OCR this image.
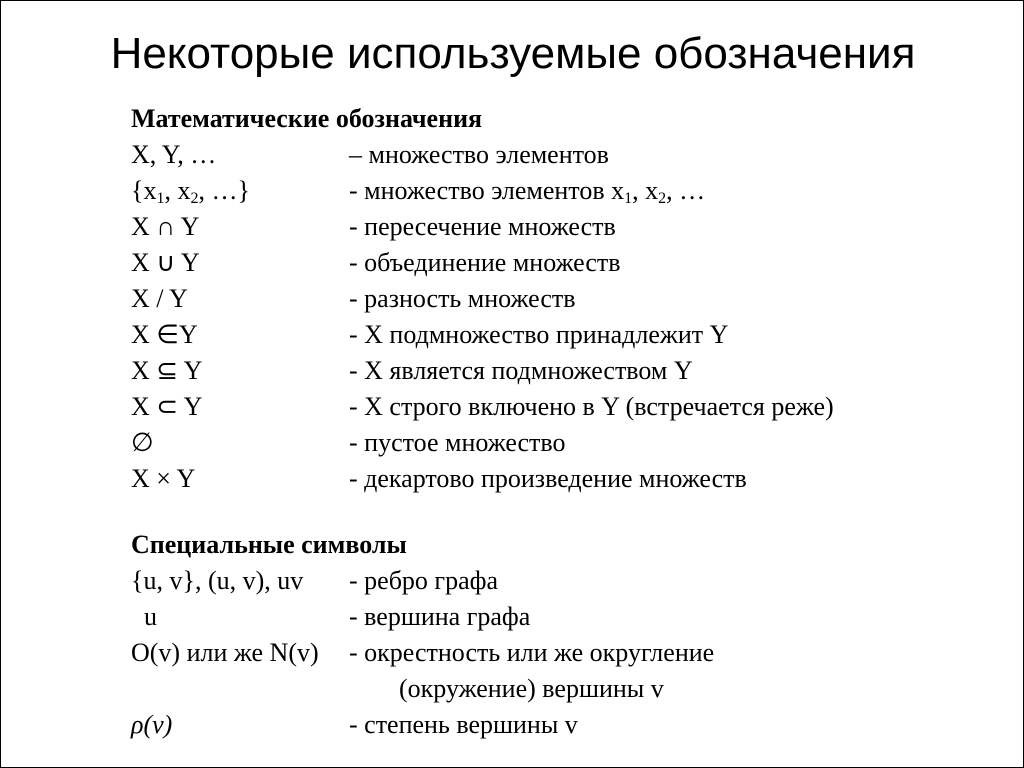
Некоторые используемые обозначения
Математические обозначения
X, Y, …	– множество элементов
{$x_1$, $x_2$, …}	- множество элементов $x_1$, $x_2$, …
X ∩ Y	- пересечение множеств
X ∪ Y	- объединение множеств
X / Y	- разность множеств
X ∈Y	- X подмножество принадлежит Y
X ⊆ Y	- X является подмножеством Y
X ⊂ Y	- X строго включено в Y (встречается реже)
∅	- пустое множество
X × Y	- декартово произведение множеств
Специальные символы
{u, v}, (u, v), uv - ребро графа
u	- вершина графа
O(v) или же N(v) - окрестность или же округление
(окружение) вершины v
ρ(v)	- степень вершины v
